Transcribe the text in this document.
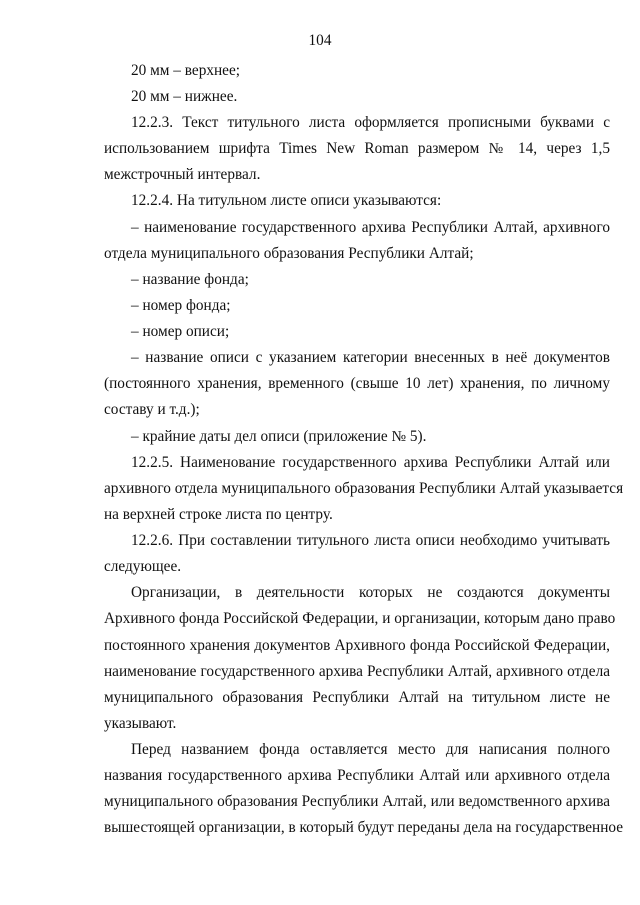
104
20 мм – верхнее;
20 мм – нижнее.
12.2.3. Текст титульного листа оформляется прописными буквами с
использованием шрифта Times New Roman размером № 14, через 1,5
межстрочный интервал.
12.2.4. На титульном листе описи указываются:
– наименование государственного архива Республики Алтай, архивного
отдела муниципального образования Республики Алтай;
– название фонда;
– номер фонда;
– номер описи;
– название описи с указанием категории внесенных в неё документов
(постоянного хранения, временного (свыше 10 лет) хранения, по личному
составу и т.д.);
– крайние даты дел описи (приложение № 5).
12.2.5. Наименование государственного архива Республики Алтай или
архивного отдела муниципального образования Республики Алтай указывается
на верхней строке листа по центру.
12.2.6. При составлении титульного листа описи необходимо учитывать
следующее.
Организации, в деятельности которых не создаются документы
Архивного фонда Российской Федерации, и организации, которым дано право
постоянного хранения документов Архивного фонда Российской Федерации,
наименование государственного архива Республики Алтай, архивного отдела
муниципального образования Республики Алтай на титульном листе не
указывают.
Перед названием фонда оставляется место для написания полного
названия государственного архива Республики Алтай или архивного отдела
муниципального образования Республики Алтай, или ведомственного архива
вышестоящей организации, в который будут переданы дела на государственное
